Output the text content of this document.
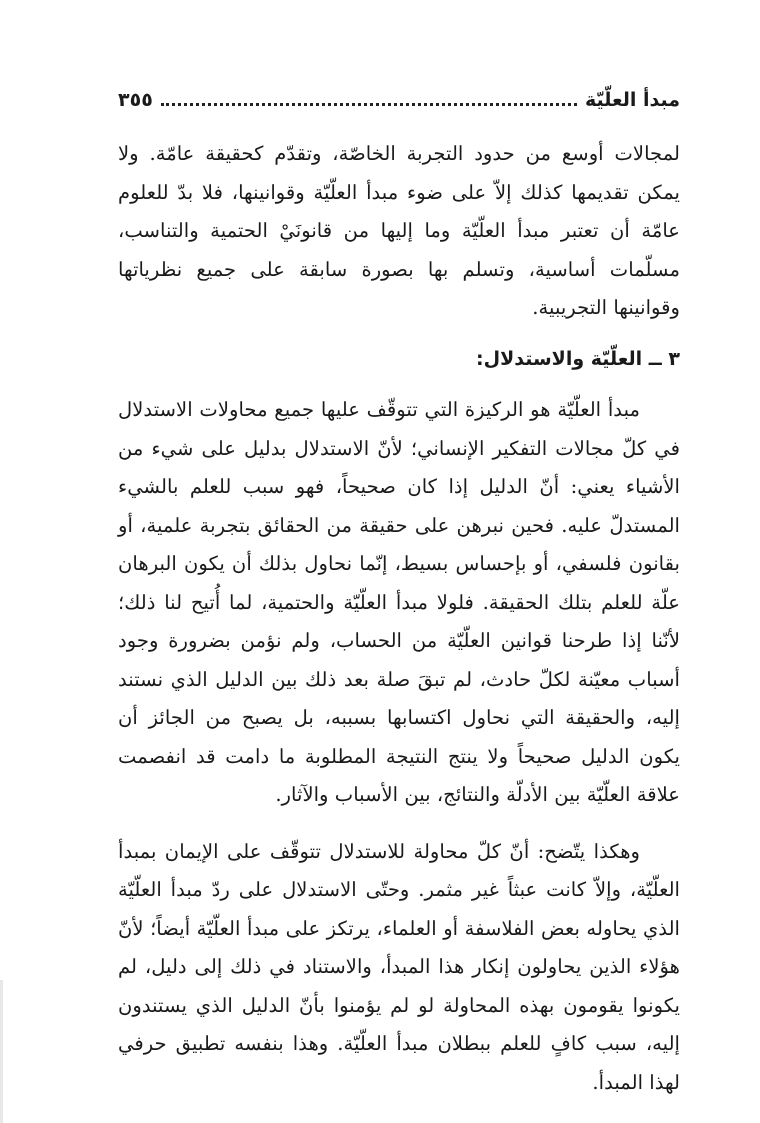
مبدأ العلّيّة
٣٥٥

لمجالات أوسع من حدود التجربة الخاصّة، وتقدّم كحقيقة عامّة. ولا يمكن تقديمها كذلك إلاّ على ضوء مبدأ العلّيّة وقوانينها، فلا بدّ للعلوم عامّة أن تعتبر مبدأ العلّيّة وما إليها من قانونَيْ الحتمية والتناسب، مسلّمات أساسية، وتسلم بها بصورة سابقة على جميع نظرياتها وقوانينها التجريبية.

٣ ــ العلّيّة والاستدلال:

مبدأ العلّيّة هو الركيزة التي تتوقّف عليها جميع محاولات الاستدلال في كلّ مجالات التفكير الإنساني؛ لأنّ الاستدلال بدليل على شيء من الأشياء يعني: أنّ الدليل إذا كان صحيحاً، فهو سبب للعلم بالشيء المستدلّ عليه. فحين نبرهن على حقيقة من الحقائق بتجربة علمية، أو بقانون فلسفي، أو بإحساس بسيط، إنّما نحاول بذلك أن يكون البرهان علّة للعلم بتلك الحقيقة. فلولا مبدأ العلّيّة والحتمية، لما أُتيح لنا ذلك؛ لأنّنا إذا طرحنا قوانين العلّيّة من الحساب، ولم نؤمن بضرورة وجود أسباب معيّنة لكلّ حادث، لم تبقَ صلة بعد ذلك بين الدليل الذي نستند إليه، والحقيقة التي نحاول اكتسابها بسببه، بل يصبح من الجائز أن يكون الدليل صحيحاً ولا ينتج النتيجة المطلوبة ما دامت قد انفصمت علاقة العلّيّة بين الأدلّة والنتائج، بين الأسباب والآثار.

وهكذا يتّضح: أنّ كلّ محاولة للاستدلال تتوقّف على الإيمان بمبدأ العلّيّة، وإلاّ كانت عبثاً غير مثمر. وحتّى الاستدلال على ردّ مبدأ العلّيّة الذي يحاوله بعض الفلاسفة أو العلماء، يرتكز على مبدأ العلّيّة أيضاً؛ لأنّ هؤلاء الذين يحاولون إنكار هذا المبدأ، والاستناد في ذلك إلى دليل، لم يكونوا يقومون بهذه المحاولة لو لم يؤمنوا بأنّ الدليل الذي يستندون إليه، سبب كافٍ للعلم ببطلان مبدأ العلّيّة. وهذا بنفسه تطبيق حرفي لهذا المبدأ.
